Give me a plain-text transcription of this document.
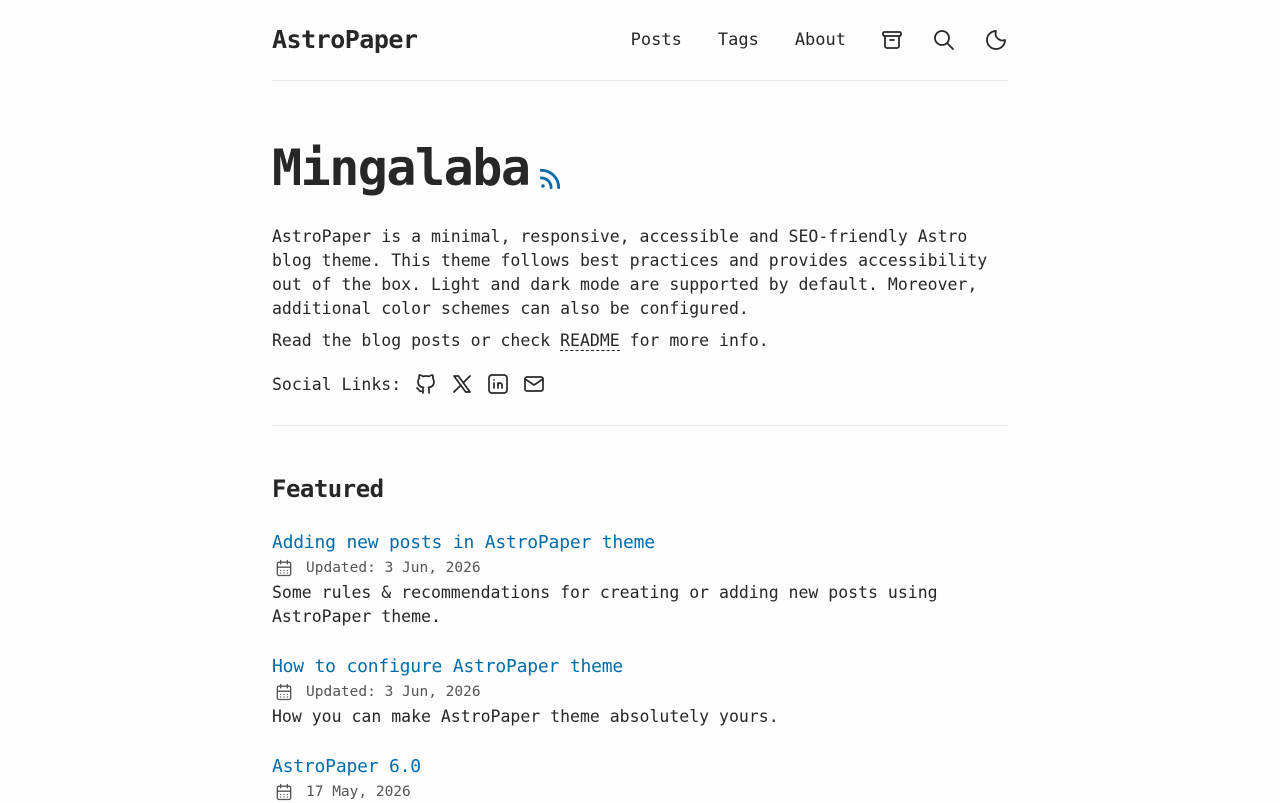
AstroPaper	Posts Tags About
Mingalaba

AstroPaper is a minimal, responsive, accessible and SEO-friendly Astro blog theme. This theme follows best practices and provides accessibility out of the box. Light and dark mode are supported by default. Moreover, additional color schemes can also be configured.

Read the blog posts or check README for more info.

Social Links:
Featured
Adding new posts in AstroPaper theme
Updated: 3 Jun, 2026

Some rules & recommendations for creating or adding new posts using AstroPaper theme.

How to configure AstroPaper theme
Updated: 3 Jun, 2026

How you can make AstroPaper theme absolutely yours.

AstroPaper 6.0
17 May, 2026
